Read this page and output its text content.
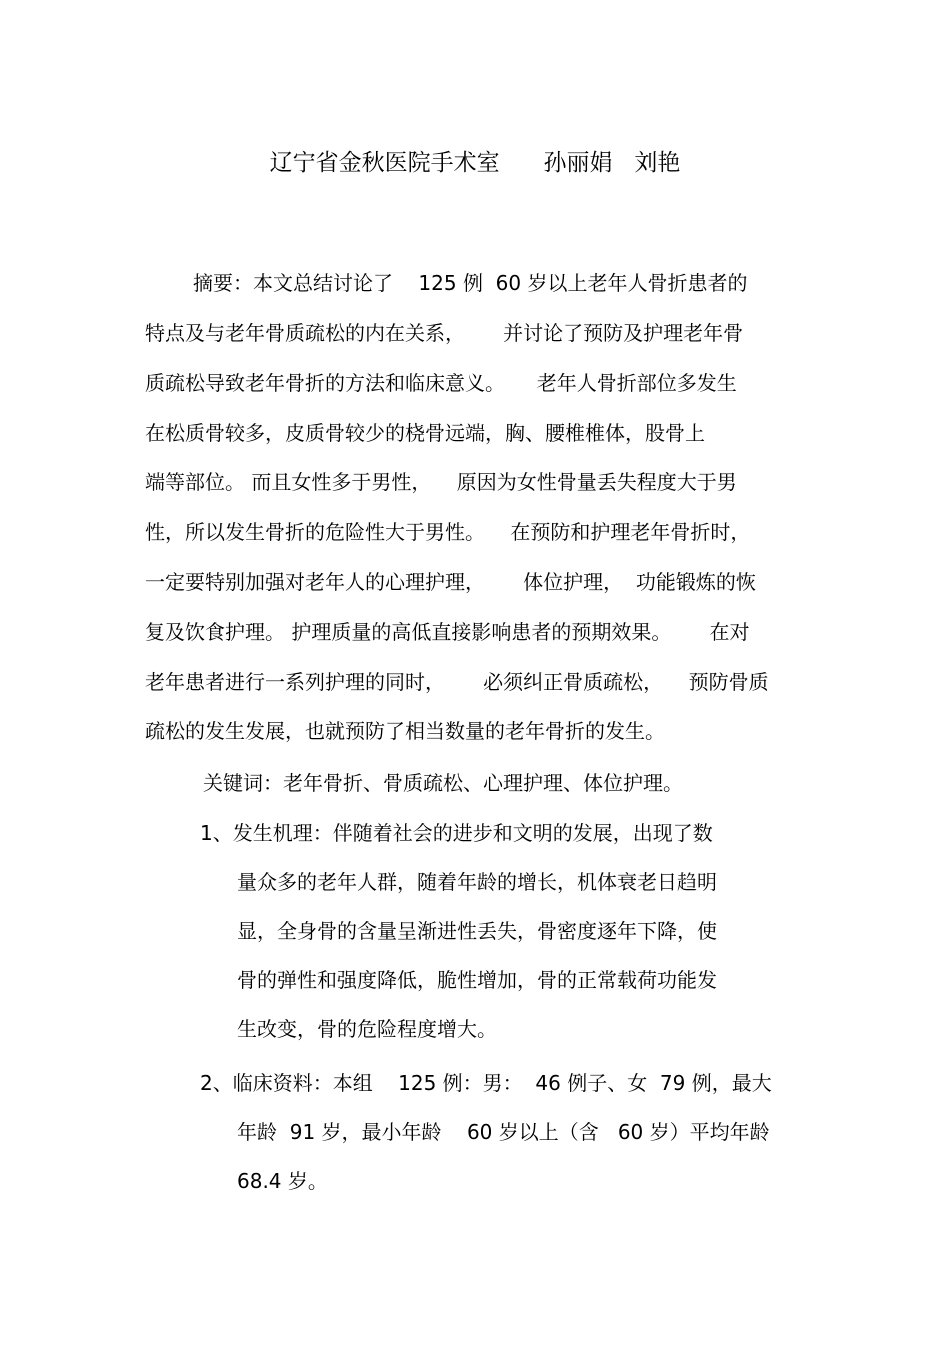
辽宁省金秋医院手术室      孙丽娟   刘艳
摘要：本文总结讨论了    125 例  60 岁以上老年人骨折患者的
特点及与老年骨质疏松的内在关系，      并讨论了预防及护理老年骨
质疏松导致老年骨折的方法和临床意义。     老年人骨折部位多发生
在松质骨较多，皮质骨较少的桡骨远端，胸、腰椎椎体，股骨上
端等部位。 而且女性多于男性，    原因为女性骨量丢失程度大于男
性，所以发生骨折的危险性大于男性。    在预防和护理老年骨折时，
一定要特别加强对老年人的心理护理，      体位护理，  功能锻炼的恢
复及饮食护理。 护理质量的高低直接影响患者的预期效果。      在对
老年患者进行一系列护理的同时，      必须纠正骨质疏松，    预防骨质
疏松的发生发展，也就预防了相当数量的老年骨折的发生。
关键词：老年骨折、骨质疏松、心理护理、体位护理。
1、发生机理：伴随着社会的进步和文明的发展，出现了数
量众多的老年人群，随着年龄的增长，机体衰老日趋明
显，全身骨的含量呈渐进性丢失，骨密度逐年下降，使
骨的弹性和强度降低，脆性增加，骨的正常载荷功能发
生改变，骨的危险程度增大。
2、临床资料：本组    125 例：男：  46 例子、女  79 例，最大
年龄  91 岁，最小年龄    60 岁以上（含   60 岁）平均年龄
68.4 岁。
